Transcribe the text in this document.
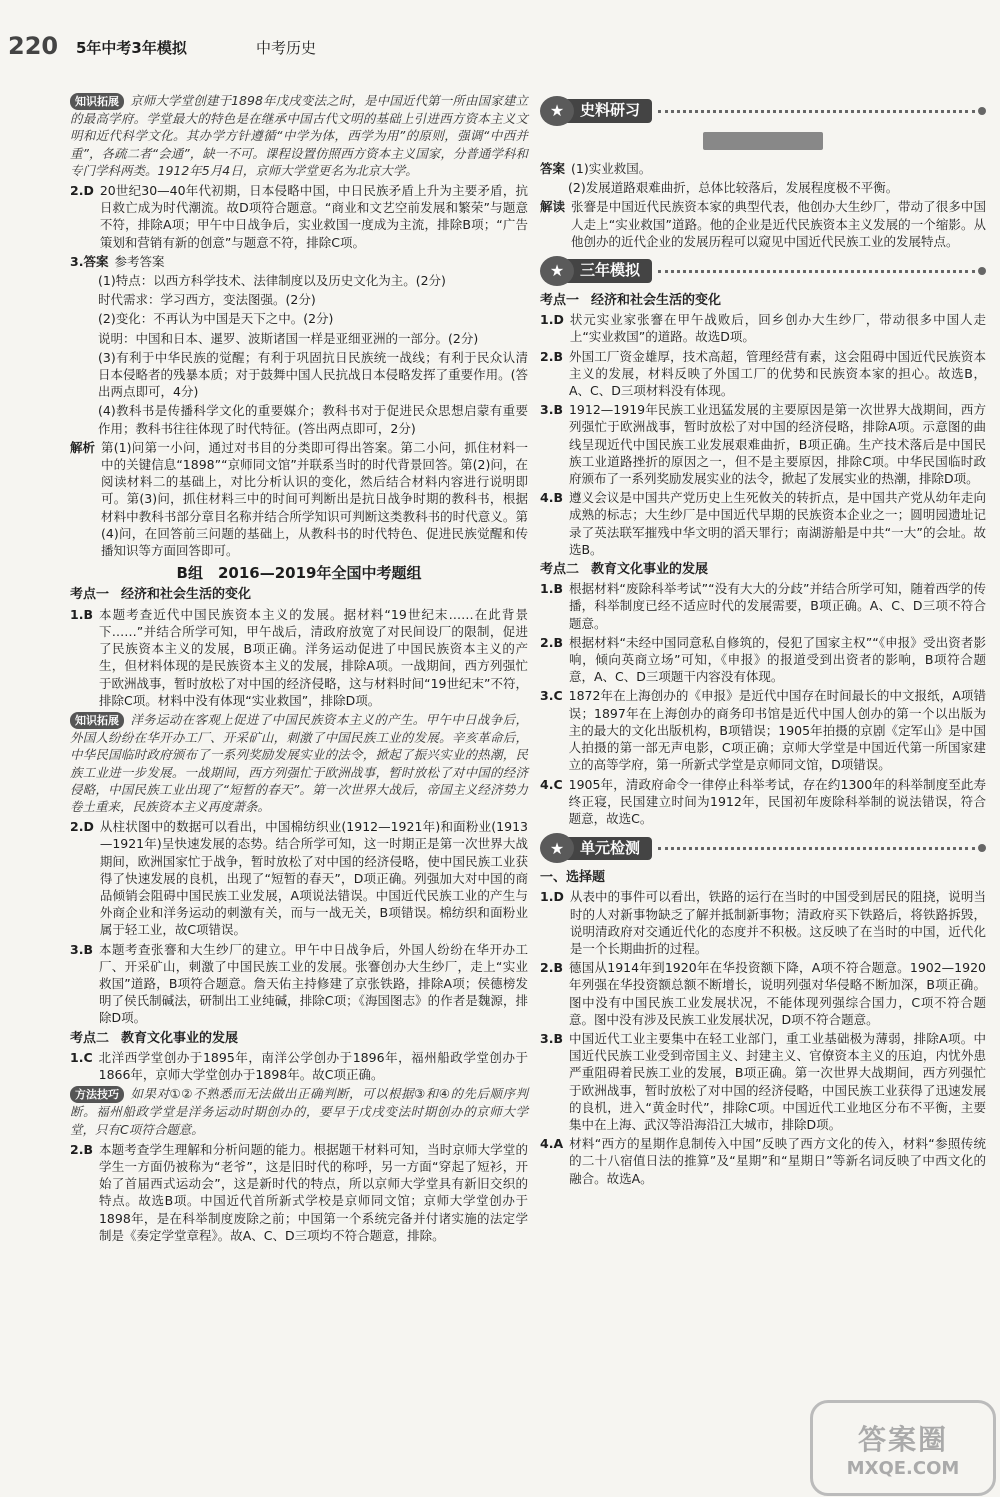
220 5年中考3年模拟	中考历史

知识拓展 京师大学堂创建于1898年戊戌变法之时，是中国近代第一所由国家建立的最高学府。学堂最大的特色是在继承中国古代文明的基础上引进西方资本主义文明和近代科学文化。其办学方针遵循“中学为体，西学为用”的原则，强调“中西并重”，各疏二者“会通”，缺一不可。课程设置仿照西方资本主义国家，分普通学科和专门学科两类。1912年5月4日，京师大学堂更名为北京大学。

2.D 20世纪30—40年代初期，日本侵略中国，中日民族矛盾上升为主要矛盾，抗日救亡成为时代潮流。故D项符合题意。“商业和文艺空前发展和繁荣”与题意不符，排除A项；甲午中日战争后，实业救国一度成为主流，排除B项；“广告策划和营销有新的创意”与题意不符，排除C项。
3.答案 参考答案

(1)特点：以西方科学技术、法律制度以及历史文化为主。(2分)

时代需求：学习西方，变法图强。(2分)

(2)变化：不再认为中国是天下之中。(2分)

说明：中国和日本、暹罗、波斯诸国一样是亚细亚洲的一部分。(2分)

(3)有利于中华民族的觉醒；有利于巩固抗日民族统一战线；有利于民众认清日本侵略者的残暴本质；对于鼓舞中国人民抗战日本侵略发挥了重要作用。(答出两点即可，4分)

(4)教科书是传播科学文化的重要媒介；教科书对于促进民众思想启蒙有重要作用；教科书往往体现了时代特征。(答出两点即可，2分)

解析 第(1)问第一小问，通过对书目的分类即可得出答案。第二小问，抓住材料一中的关键信息“1898”“京师同文馆”并联系当时的时代背景回答。第(2)问，在阅读材料二的基础上，对比分析认识的变化，然后结合材料内容进行说明即可。第(3)问，抓住材料三中的时间可判断出是抗日战争时期的教科书，根据材料中教科书部分章目名称并结合所学知识可判断这类教科书的时代意义。第(4)问，在回答前三问题的基础上，从教科书的时代特色、促进民族觉醒和传播知识等方面回答即可。
B组　2016—2019年全国中考题组
考点一 经济和社会生活的变化
1.B 本题考查近代中国民族资本主义的发展。据材料“19世纪末……在此背景下……”并结合所学可知，甲午战后，清政府放宽了对民间设厂的限制，促进了民族资本主义的发展，B项正确。洋务运动促进了中国民族资本主义的产生，但材料体现的是民族资本主义的发展，排除A项。一战期间，西方列强忙于欧洲战事，暂时放松了对中国的经济侵略，这与材料时间“19世纪末”不符，排除C项。材料中没有体现“实业救国”，排除D项。

知识拓展 洋务运动在客观上促进了中国民族资本主义的产生。甲午中日战争后，外国人纷纷在华开办工厂、开采矿山，刺激了中国民族工业的发展。辛亥革命后，中华民国临时政府颁布了一系列奖励发展实业的法令，掀起了振兴实业的热潮，民族工业进一步发展。一战期间，西方列强忙于欧洲战事，暂时放松了对中国的经济侵略，中国民族工业出现了“短暂的春天”。第一次世界大战后，帝国主义经济势力卷土重来，民族资本主义再度萧条。

2.D 从柱状图中的数据可以看出，中国棉纺织业(1912—1921年)和面粉业(1913—1921年)呈快速发展的态势。结合所学可知，这一时期正是第一次世界大战期间，欧洲国家忙于战争，暂时放松了对中国的经济侵略，使中国民族工业获得了快速发展的良机，出现了“短暂的春天”，D项正确。列强加大对中国的商品倾销会阻碍中国民族工业发展，A项说法错误。中国近代民族工业的产生与外商企业和洋务运动的刺激有关，而与一战无关，B项错误。棉纺织和面粉业属于轻工业，故C项错误。
3.B 本题考查张謇和大生纱厂的建立。甲午中日战争后，外国人纷纷在华开办工厂、开采矿山，刺激了中国民族工业的发展。张謇创办大生纱厂，走上“实业救国”道路，B项符合题意。詹天佑主持修建了京张铁路，排除A项；侯德榜发明了侯氏制碱法，研制出工业纯碱，排除C项；《海国图志》的作者是魏源，排除D项。
考点二 教育文化事业的发展
1.C 北洋西学堂创办于1895年，南洋公学创办于1896年，福州船政学堂创办于1866年，京师大学堂创办于1898年。故C项正确。

方法技巧 如果对①②不熟悉而无法做出正确判断，可以根据③和④的先后顺序判断。福州船政学堂是洋务运动时期创办的，要早于戊戌变法时期创办的京师大学堂，只有C项符合题意。

2.B 本题考查学生理解和分析问题的能力。根据题干材料可知，当时京师大学堂的学生一方面仍被称为“老爷”，这是旧时代的称呼，另一方面“穿起了短衫，开始了首届西式运动会”，这是新时代的特点，所以京师大学堂具有新旧交织的特点。故选B项。中国近代首所新式学校是京师同文馆；京师大学堂创办于1898年，是在科举制度废除之前；中国第一个系统完备并付诸实施的法定学制是《奏定学堂章程》。故A、C、D三项均不符合题意，排除。
★	史料研习
答案 (1)实业救国。

(2)发展道路艰难曲折，总体比较落后，发展程度极不平衡。

解读 张謇是中国近代民族资本家的典型代表，他创办大生纱厂，带动了很多中国人走上“实业救国”道路。他的企业是近代民族资本主义发展的一个缩影。从他创办的近代企业的发展历程可以窥见中国近代民族工业的发展特点。
★	三年模拟
考点一 经济和社会生活的变化
1.D 状元实业家张謇在甲午战败后，回乡创办大生纱厂，带动很多中国人走上“实业救国”的道路。故选D项。
2.B 外国工厂资金雄厚，技术高超，管理经营有素，这会阻碍中国近代民族资本主义的发展，材料反映了外国工厂的优势和民族资本家的担心。故选B，A、C、D三项材料没有体现。
3.B 1912—1919年民族工业迅猛发展的主要原因是第一次世界大战期间，西方列强忙于欧洲战事，暂时放松了对中国的经济侵略，排除A项。示意图的曲线呈现近代中国民族工业发展艰难曲折，B项正确。生产技术落后是中国民族工业道路挫折的原因之一，但不是主要原因，排除C项。中华民国临时政府颁布了一系列奖励发展实业的法令，掀起了发展实业的热潮，排除D项。
4.B 遵义会议是中国共产党历史上生死攸关的转折点，是中国共产党从幼年走向成熟的标志；大生纱厂是中国近代早期的民族资本企业之一；圆明园遗址记录了英法联军摧残中华文明的滔天罪行；南湖游船是中共“一大”的会址。故选B。
考点二 教育文化事业的发展
1.B 根据材料“废除科举考试”“没有大大的分歧”并结合所学可知，随着西学的传播，科举制度已经不适应时代的发展需要，B项正确。A、C、D三项不符合题意。
2.B 根据材料“未经中国同意私自修筑的，侵犯了国家主权”“《申报》受出资者影响，倾向英商立场”可知，《申报》的报道受到出资者的影响，B项符合题意，A、C、D三项题干内容没有体现。
3.C 1872年在上海创办的《申报》是近代中国存在时间最长的中文报纸，A项错误；1897年在上海创办的商务印书馆是近代中国人创办的第一个以出版为主的最大的文化出版机构，B项错误；1905年拍摄的京剧《定军山》是中国人拍摄的第一部无声电影，C项正确；京师大学堂是中国近代第一所国家建立的高等学府，第一所新式学堂是京师同文馆，D项错误。
4.C 1905年，清政府命令一律停止科举考试，存在约1300年的科举制度至此寿终正寝，民国建立时间为1912年，民国初年废除科举制的说法错误，符合题意，故选C。
★	单元检测
一、选择题
1.D 从表中的事件可以看出，铁路的运行在当时的中国受到居民的阻挠，说明当时的人对新事物缺乏了解并抵制新事物；清政府买下铁路后，将铁路拆毁，说明清政府对交通近代化的态度并不积极。这反映了在当时的中国，近代化是一个长期曲折的过程。
2.B 德国从1914年到1920年在华投资额下降，A项不符合题意。1902—1920年列强在华投资额总额不断增长，说明列强对华侵略不断加深，B项正确。图中没有中国民族工业发展状况，不能体现列强综合国力，C项不符合题意。图中没有涉及民族工业发展状况，D项不符合题意。
3.B 中国近代工业主要集中在轻工业部门，重工业基础极为薄弱，排除A项。中国近代民族工业受到帝国主义、封建主义、官僚资本主义的压迫，内忧外患严重阻碍着民族工业的发展，B项正确。第一次世界大战期间，西方列强忙于欧洲战事，暂时放松了对中国的经济侵略，中国民族工业获得了迅速发展的良机，进入“黄金时代”，排除C项。中国近代工业地区分布不平衡，主要集中在上海、武汉等沿海沿江大城市，排除D项。
4.A 材料“西方的星期作息制传入中国”反映了西方文化的传入，材料“参照传统的二十八宿值日法的推算”及“星期”和“星期日”等新名词反映了中西文化的融合。故选A。
答案圈
MXQE.COM
